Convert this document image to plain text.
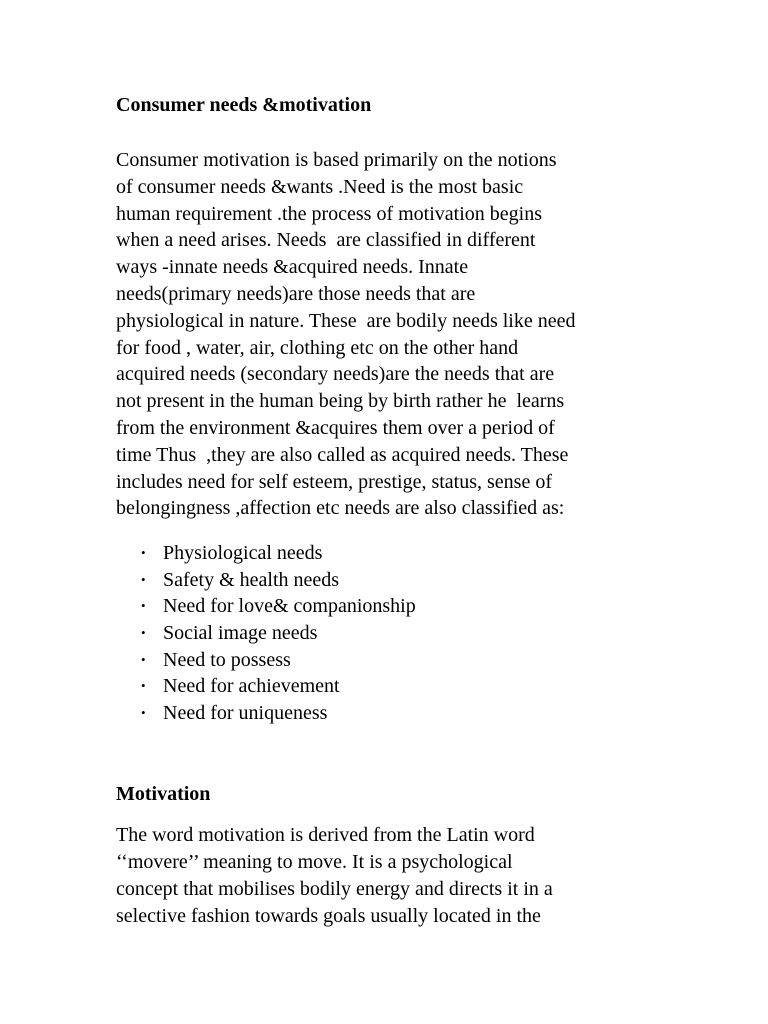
Consumer needs &motivation

Consumer motivation is based primarily on the notions
of consumer needs &wants .Need is the most basic
human requirement .the process of motivation begins
when a need arises. Needs  are classified in different
ways -innate needs &acquired needs. Innate
needs(primary needs)are those needs that are
physiological in nature. These  are bodily needs like need
for food , water, air, clothing etc on the other hand
acquired needs (secondary needs)are the needs that are
not present in the human being by birth rather he  learns
from the environment &acquires them over a period of
time Thus  ,they are also called as acquired needs. These
includes need for self esteem, prestige, status, sense of
belongingness ,affection etc needs are also classified as:

• Physiological needs
• Safety & health needs
• Need for love& companionship
• Social image needs
• Need to possess
• Need for achievement
• Need for uniqueness
Motivation

The word motivation is derived from the Latin word
‘‘movere’’ meaning to move. It is a psychological
concept that mobilises bodily energy and directs it in a
selective fashion towards goals usually located in the
